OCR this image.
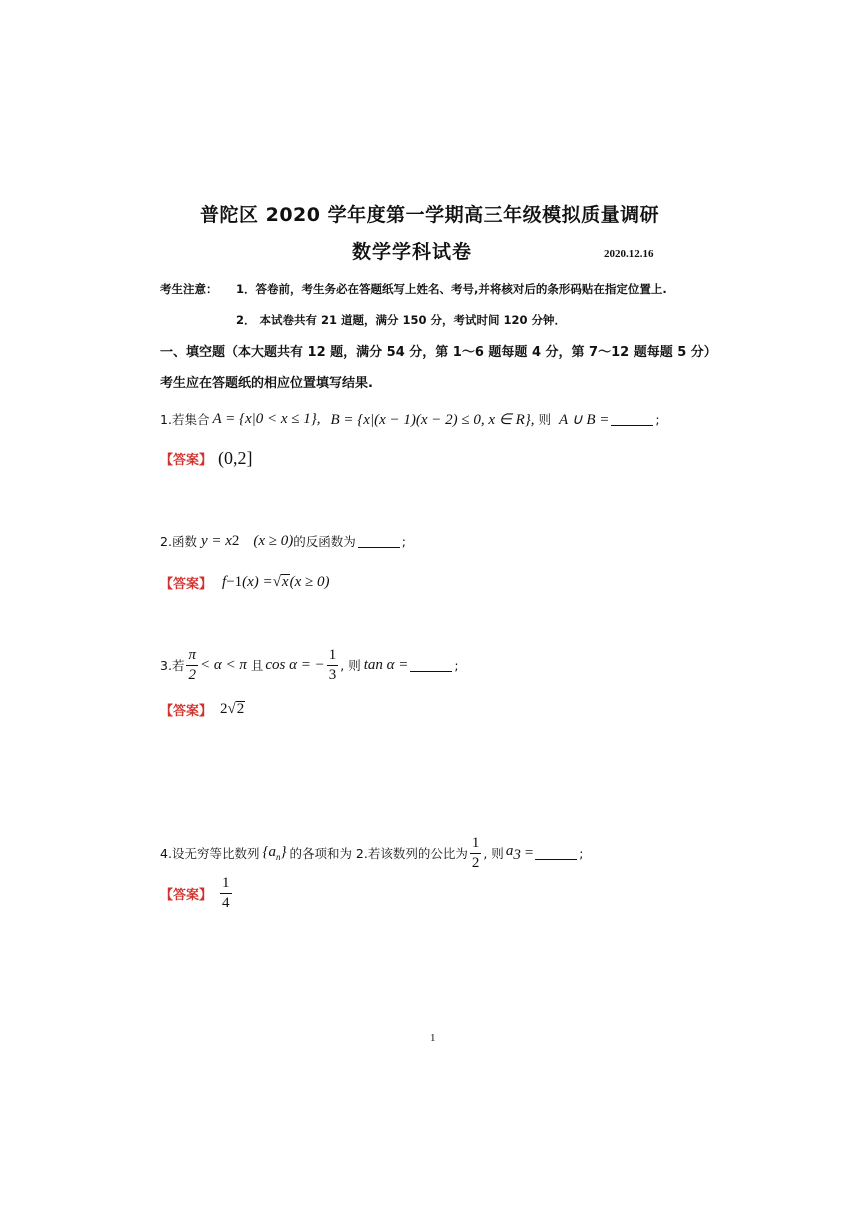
普陀区 2020 学年度第一学期高三年级模拟质量调研
数学学科试卷	2020.12.16
考生注意： 1．答卷前，考生务必在答题纸写上姓名、考号,并将核对后的条形码贴在指定位置上.
2． 本试卷共有 21 道题，满分 150 分，考试时间 120 分钟．
一、填空题（本大题共有 12 题，满分 54 分，第 1～6 题每题 4 分，第 7～12 题每题 5 分）
考生应在答题纸的相应位置填写结果.
1. 若集合 A = {x|0 < x ≤ 1}, B = {x|(x − 1)(x − 2) ≤ 0, x ∈ R}, 则 A ∪ B =	;
【答案】 (0,2]
2. 函数 y = x 2 (x ≥ 0) 的反函数为	;
【答案】 f −1 (x) = √ x (x ≥ 0)
3. 若 $\frac{\pi}{2} < \alpha < \pi$ 且 cos α = − $\frac{1}{3}$ , 则 tan α =	;
【答案】 2 √ 2
4. 设无穷等比数列 $\{a_n\}$ 的各项和为 2.若该数列的公比为 $\frac{1}{2}$ , 则 $a_3$ =	;
【答案】 $\frac{1}{4}$
1
